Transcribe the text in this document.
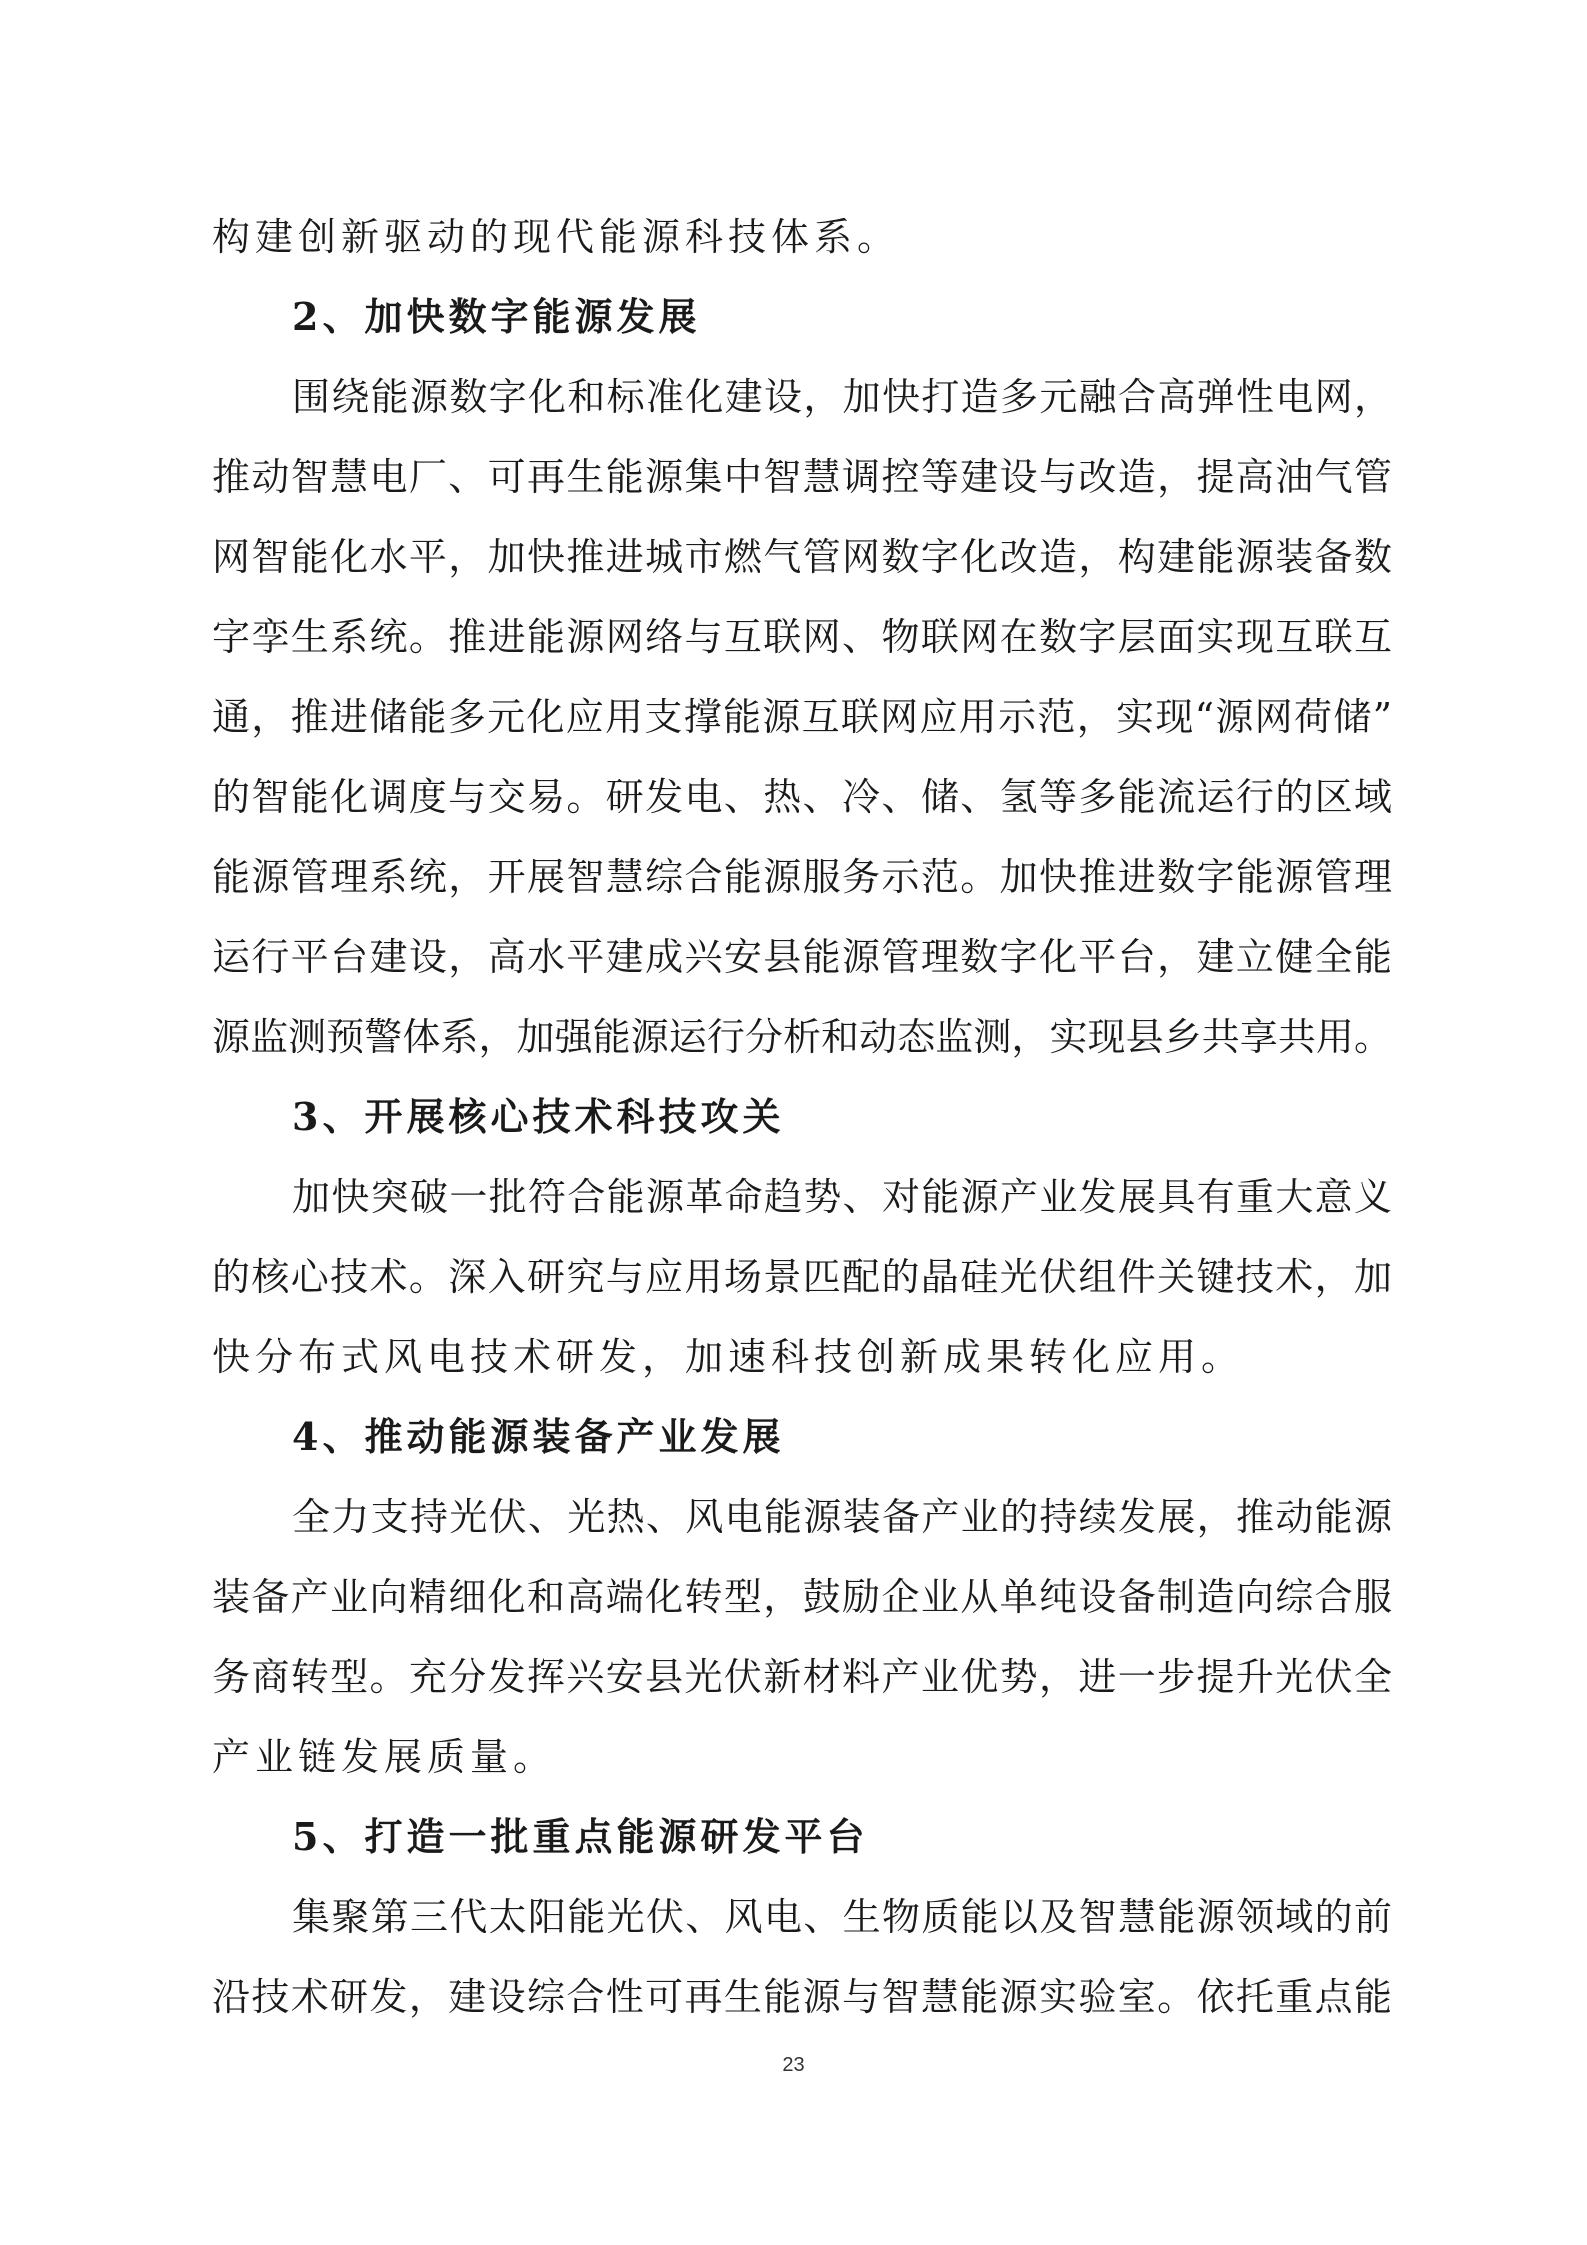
构建创新驱动的现代能源科技体系。
2、加快数字能源发展
围绕能源数字化和标准化建设，加快打造多元融合高弹性电网，
推动智慧电厂、可再生能源集中智慧调控等建设与改造，提高油气管
网智能化水平，加快推进城市燃气管网数字化改造，构建能源装备数
字孪生系统。推进能源网络与互联网、物联网在数字层面实现互联互
通，推进储能多元化应用支撑能源互联网应用示范，实现“源网荷储”
的智能化调度与交易。研发电、热、冷、储、氢等多能流运行的区域
能源管理系统，开展智慧综合能源服务示范。加快推进数字能源管理
运行平台建设，高水平建成兴安县能源管理数字化平台，建立健全能
源监测预警体系，加强能源运行分析和动态监测，实现县乡共享共用。
3、开展核心技术科技攻关
加快突破一批符合能源革命趋势、对能源产业发展具有重大意义
的核心技术。深入研究与应用场景匹配的晶硅光伏组件关键技术，加
快分布式风电技术研发，加速科技创新成果转化应用。
4、推动能源装备产业发展
全力支持光伏、光热、风电能源装备产业的持续发展，推动能源
装备产业向精细化和高端化转型，鼓励企业从单纯设备制造向综合服
务商转型。充分发挥兴安县光伏新材料产业优势，进一步提升光伏全
产业链发展质量。
5、打造一批重点能源研发平台
集聚第三代太阳能光伏、风电、生物质能以及智慧能源领域的前
沿技术研发，建设综合性可再生能源与智慧能源实验室。依托重点能
23
